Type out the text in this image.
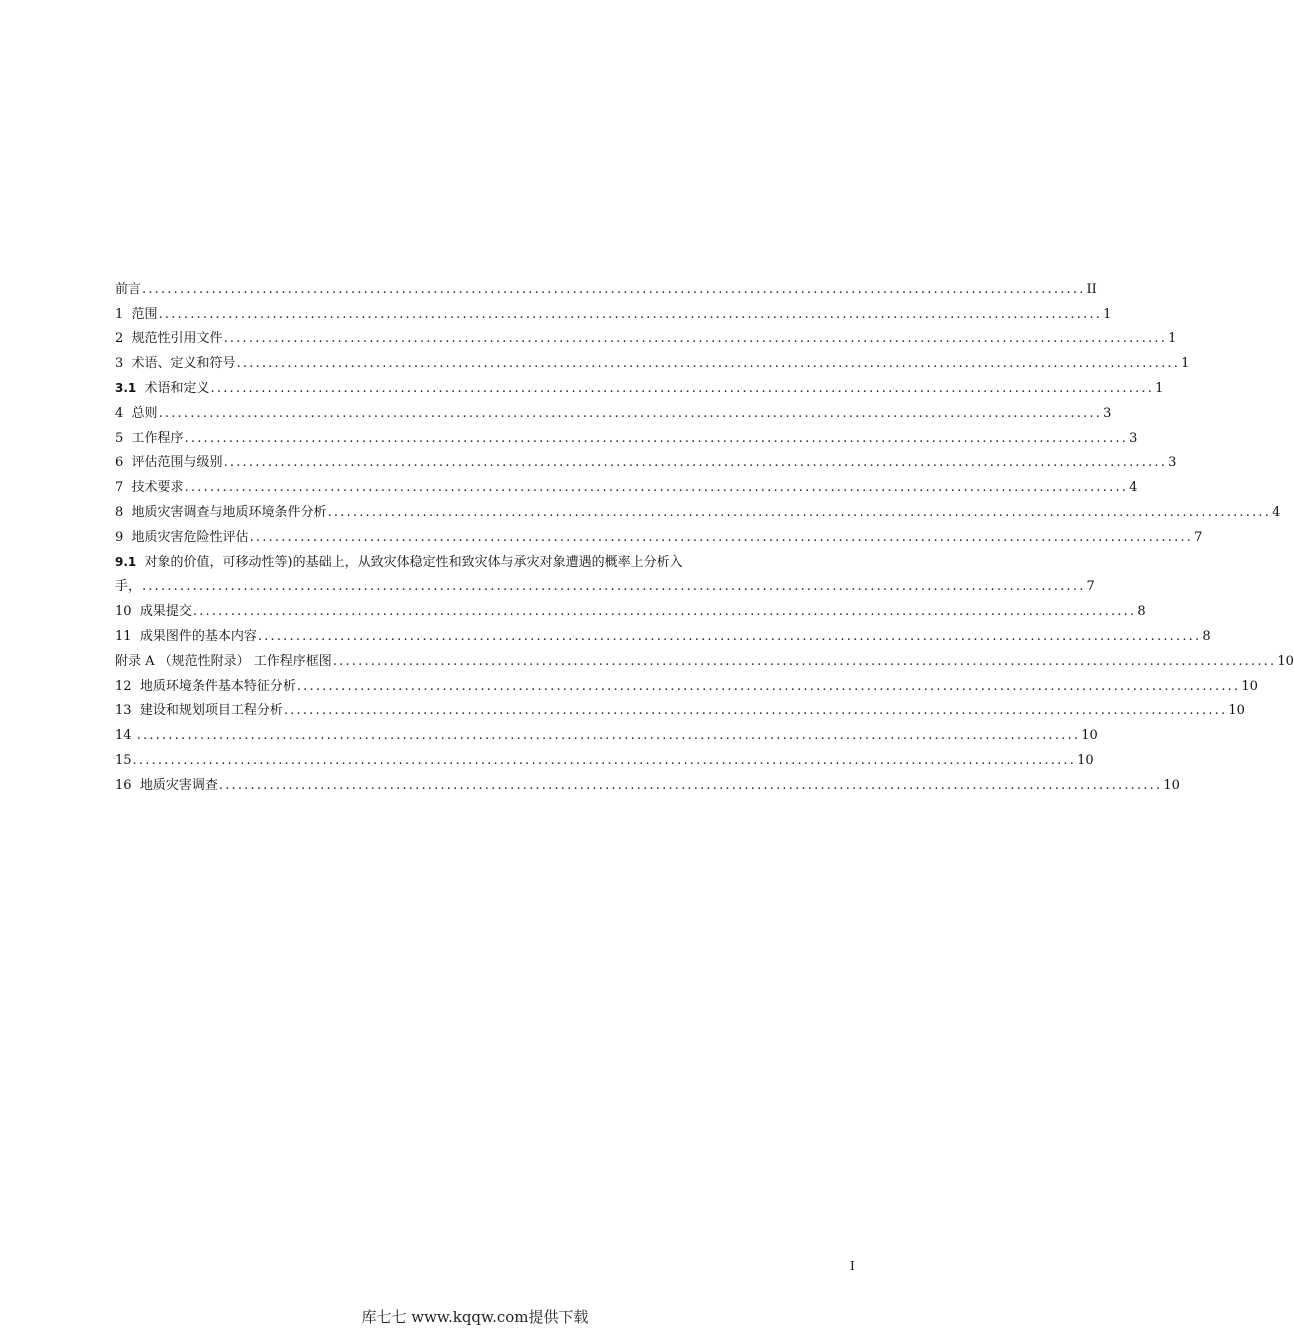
前言 ..................................................................................................................................................... II
1 范围 ..................................................................................................................................................... 1
2 规范性引用文件 ..................................................................................................................................................... 1
3 术语、定义和符号 ..................................................................................................................................................... 1
3.1 术语和定义 ..................................................................................................................................................... 1
4 总则 ..................................................................................................................................................... 3
5 工作程序 ..................................................................................................................................................... 3
6 评估范围与级别 ..................................................................................................................................................... 3
7 技术要求 ..................................................................................................................................................... 4
8 地质灾害调查与地质环境条件分析 ..................................................................................................................................................... 4
9 地质灾害危险性评估 ..................................................................................................................................................... 7
9.1 对象的价值，可移动性等)的基础上，从致灾体稳定性和致灾体与承灾对象遭遇的概率上分析入
手， ..................................................................................................................................................... 7
10 成果提交 ..................................................................................................................................................... 8
11 成果图件的基本内容 ..................................................................................................................................................... 8
附录 A （规范性附录） 工作程序框图 ..................................................................................................................................................... 10
12 地质环境条件基本特征分析 ..................................................................................................................................................... 10
13 建设和规划项目工程分析 ..................................................................................................................................................... 10
14 ..................................................................................................................................................... 10
15 ..................................................................................................................................................... 10
16 地质灾害调查 ..................................................................................................................................................... 10
I
库七七 www.kqqw.com提供下载
